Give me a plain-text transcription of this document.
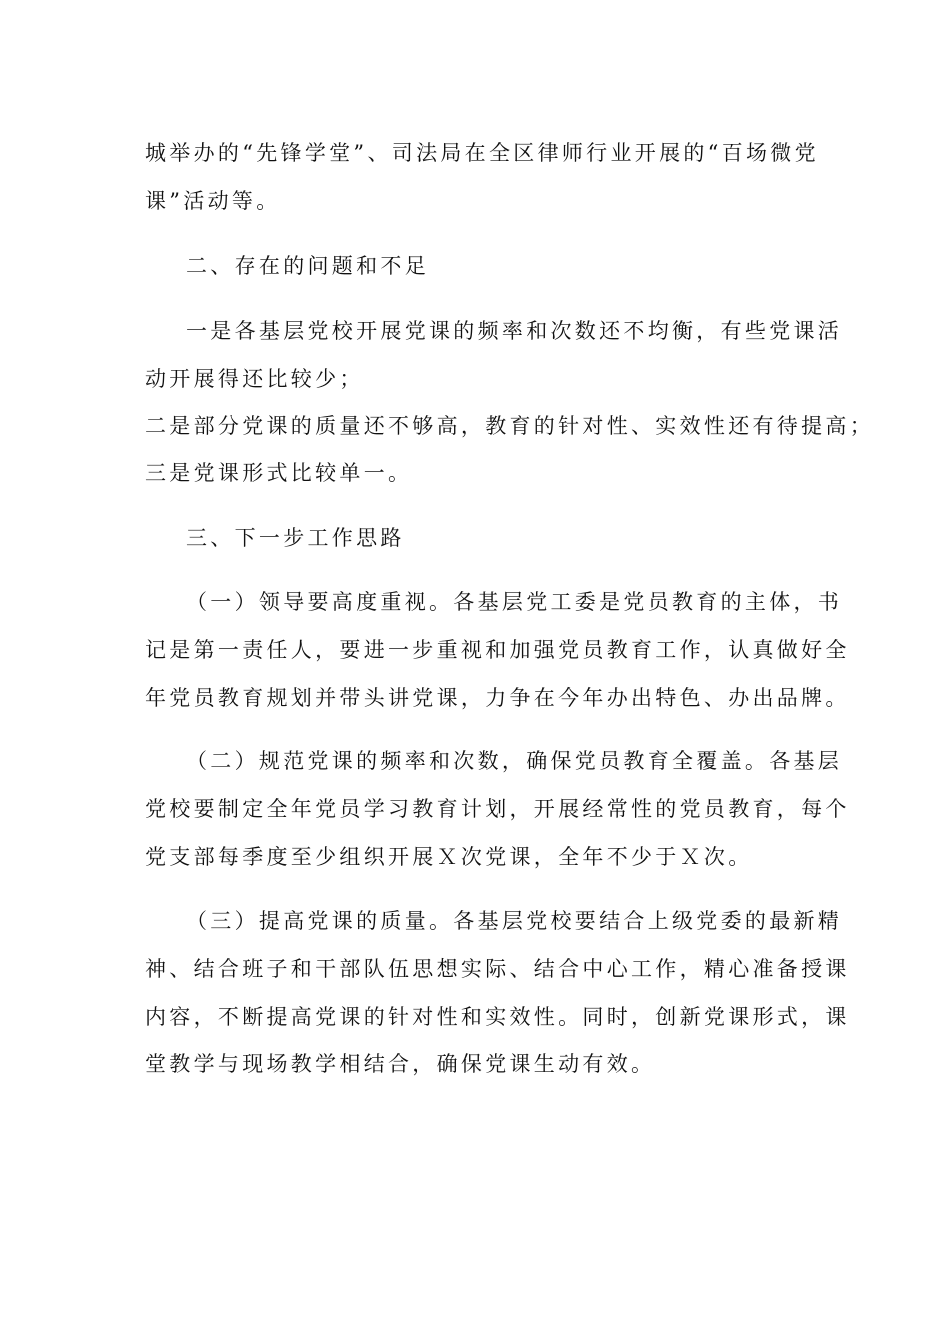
城举办的“先锋学堂”、司法局在全区律师行业开展的“百场微党
课”活动等。
二、存在的问题和不足
一是各基层党校开展党课的频率和次数还不均衡，有些党课活
动开展得还比较少；
二是部分党课的质量还不够高，教育的针对性、实效性还有待提高；
三是党课形式比较单一。
三、下一步工作思路
（一）领导要高度重视。各基层党工委是党员教育的主体，书
记是第一责任人，要进一步重视和加强党员教育工作，认真做好全
年党员教育规划并带头讲党课，力争在今年办出特色、办出品牌。
（二）规范党课的频率和次数，确保党员教育全覆盖。各基层
党校要制定全年党员学习教育计划，开展经常性的党员教育，每个
党支部每季度至少组织开展Ｘ次党课，全年不少于Ｘ次。
（三）提高党课的质量。各基层党校要结合上级党委的最新精
神、结合班子和干部队伍思想实际、结合中心工作，精心准备授课
内容，不断提高党课的针对性和实效性。同时，创新党课形式，课
堂教学与现场教学相结合，确保党课生动有效。
